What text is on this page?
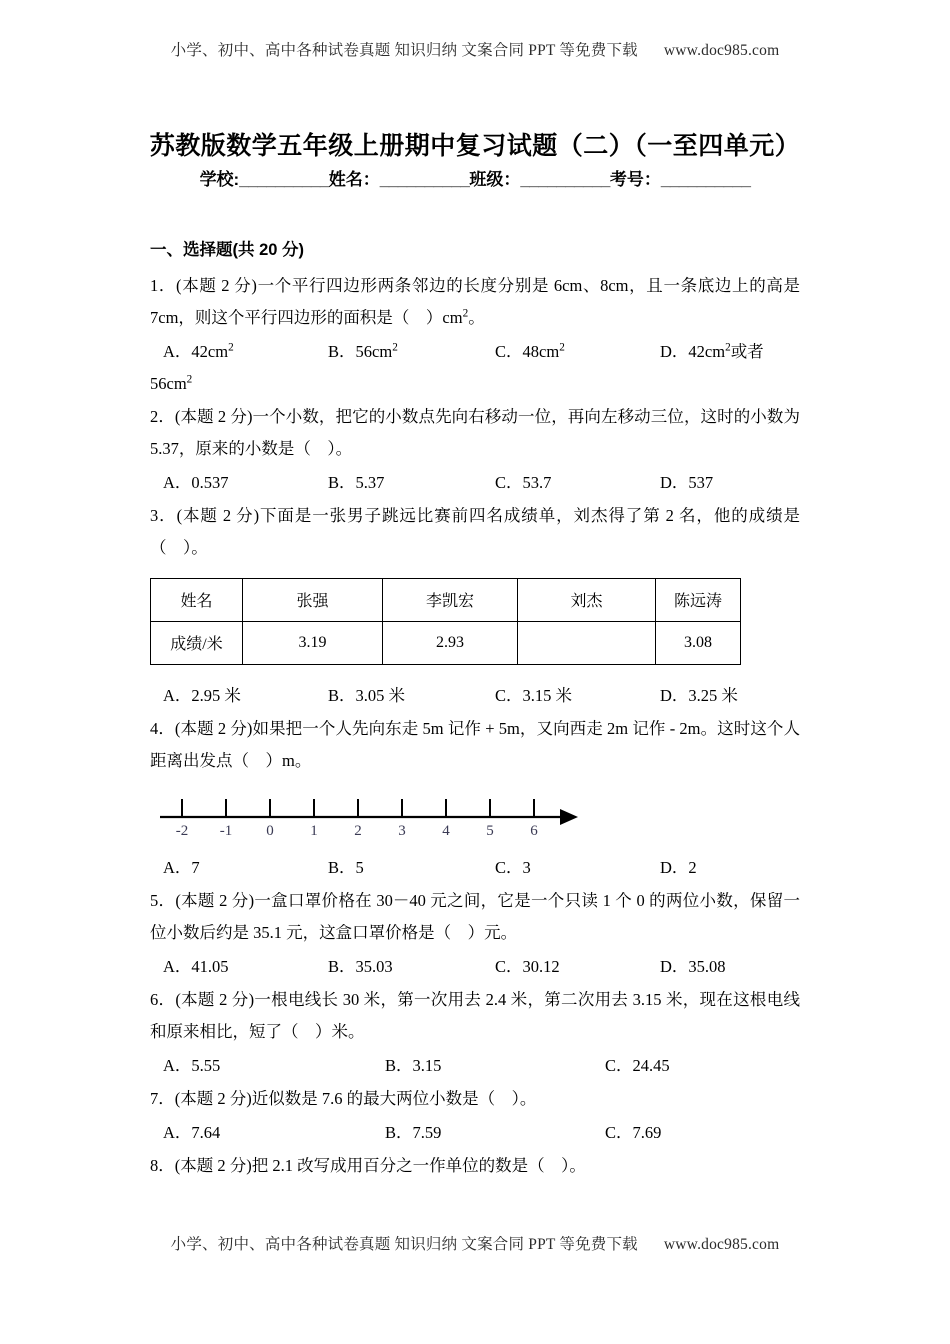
小学、初中、高中各种试卷真题 知识归纳 文案合同 PPT 等免费下载 www.doc985.com
苏教版数学五年级上册期中复习试题（二）（一至四单元）
学校:__________姓名：__________班级：__________考号：__________
一、选择题(共 20 分)

1．(本题 2 分)一个平行四边形两条邻边的长度分别是 6cm、8cm，且一条底边上的高是 7cm，则这个平行四边形的面积是（　）$cm^2$。

A．$42cm^2$	B．$56cm^2$	C．$48cm^2$	D．$42cm^2$或者
$56cm^2$

2．(本题 2 分)一个小数，把它的小数点先向右移动一位，再向左移动三位，这时的小数为 5.37，原来的小数是（　）。

A．0.537	B．5.37	C．53.7	D．537

3．(本题 2 分)下面是一张男子跳远比赛前四名成绩单，刘杰得了第 2 名，他的成绩是（　）。

姓名	张强	李凯宏	刘杰	陈远涛
成绩/米	3.19	2.93		3.08
A．2.95 米	B．3.05 米	C．3.15 米	D．3.25 米

4．(本题 2 分)如果把一个人先向东走 5m 记作 + 5m，又向西走 2m 记作 - 2m。这时这个人距离出发点（　）m。

-2 -1 0 1 2 3 4 5 6
A．7	B．5	C．3	D．2

5．(本题 2 分)一盒口罩价格在 30－40 元之间，它是一个只读 1 个 0 的两位小数，保留一位小数后约是 35.1 元，这盒口罩价格是（　）元。

A．41.05	B．35.03	C．30.12	D．35.08

6．(本题 2 分)一根电线长 30 米，第一次用去 2.4 米，第二次用去 3.15 米，现在这根电线和原来相比，短了（　）米。

A．5.55	B．3.15	C．24.45

7．(本题 2 分)近似数是 7.6 的最大两位小数是（　）。

A．7.64	B．7.59	C．7.69

8．(本题 2 分)把 2.1 改写成用百分之一作单位的数是（　）。

小学、初中、高中各种试卷真题 知识归纳 文案合同 PPT 等免费下载 www.doc985.com
